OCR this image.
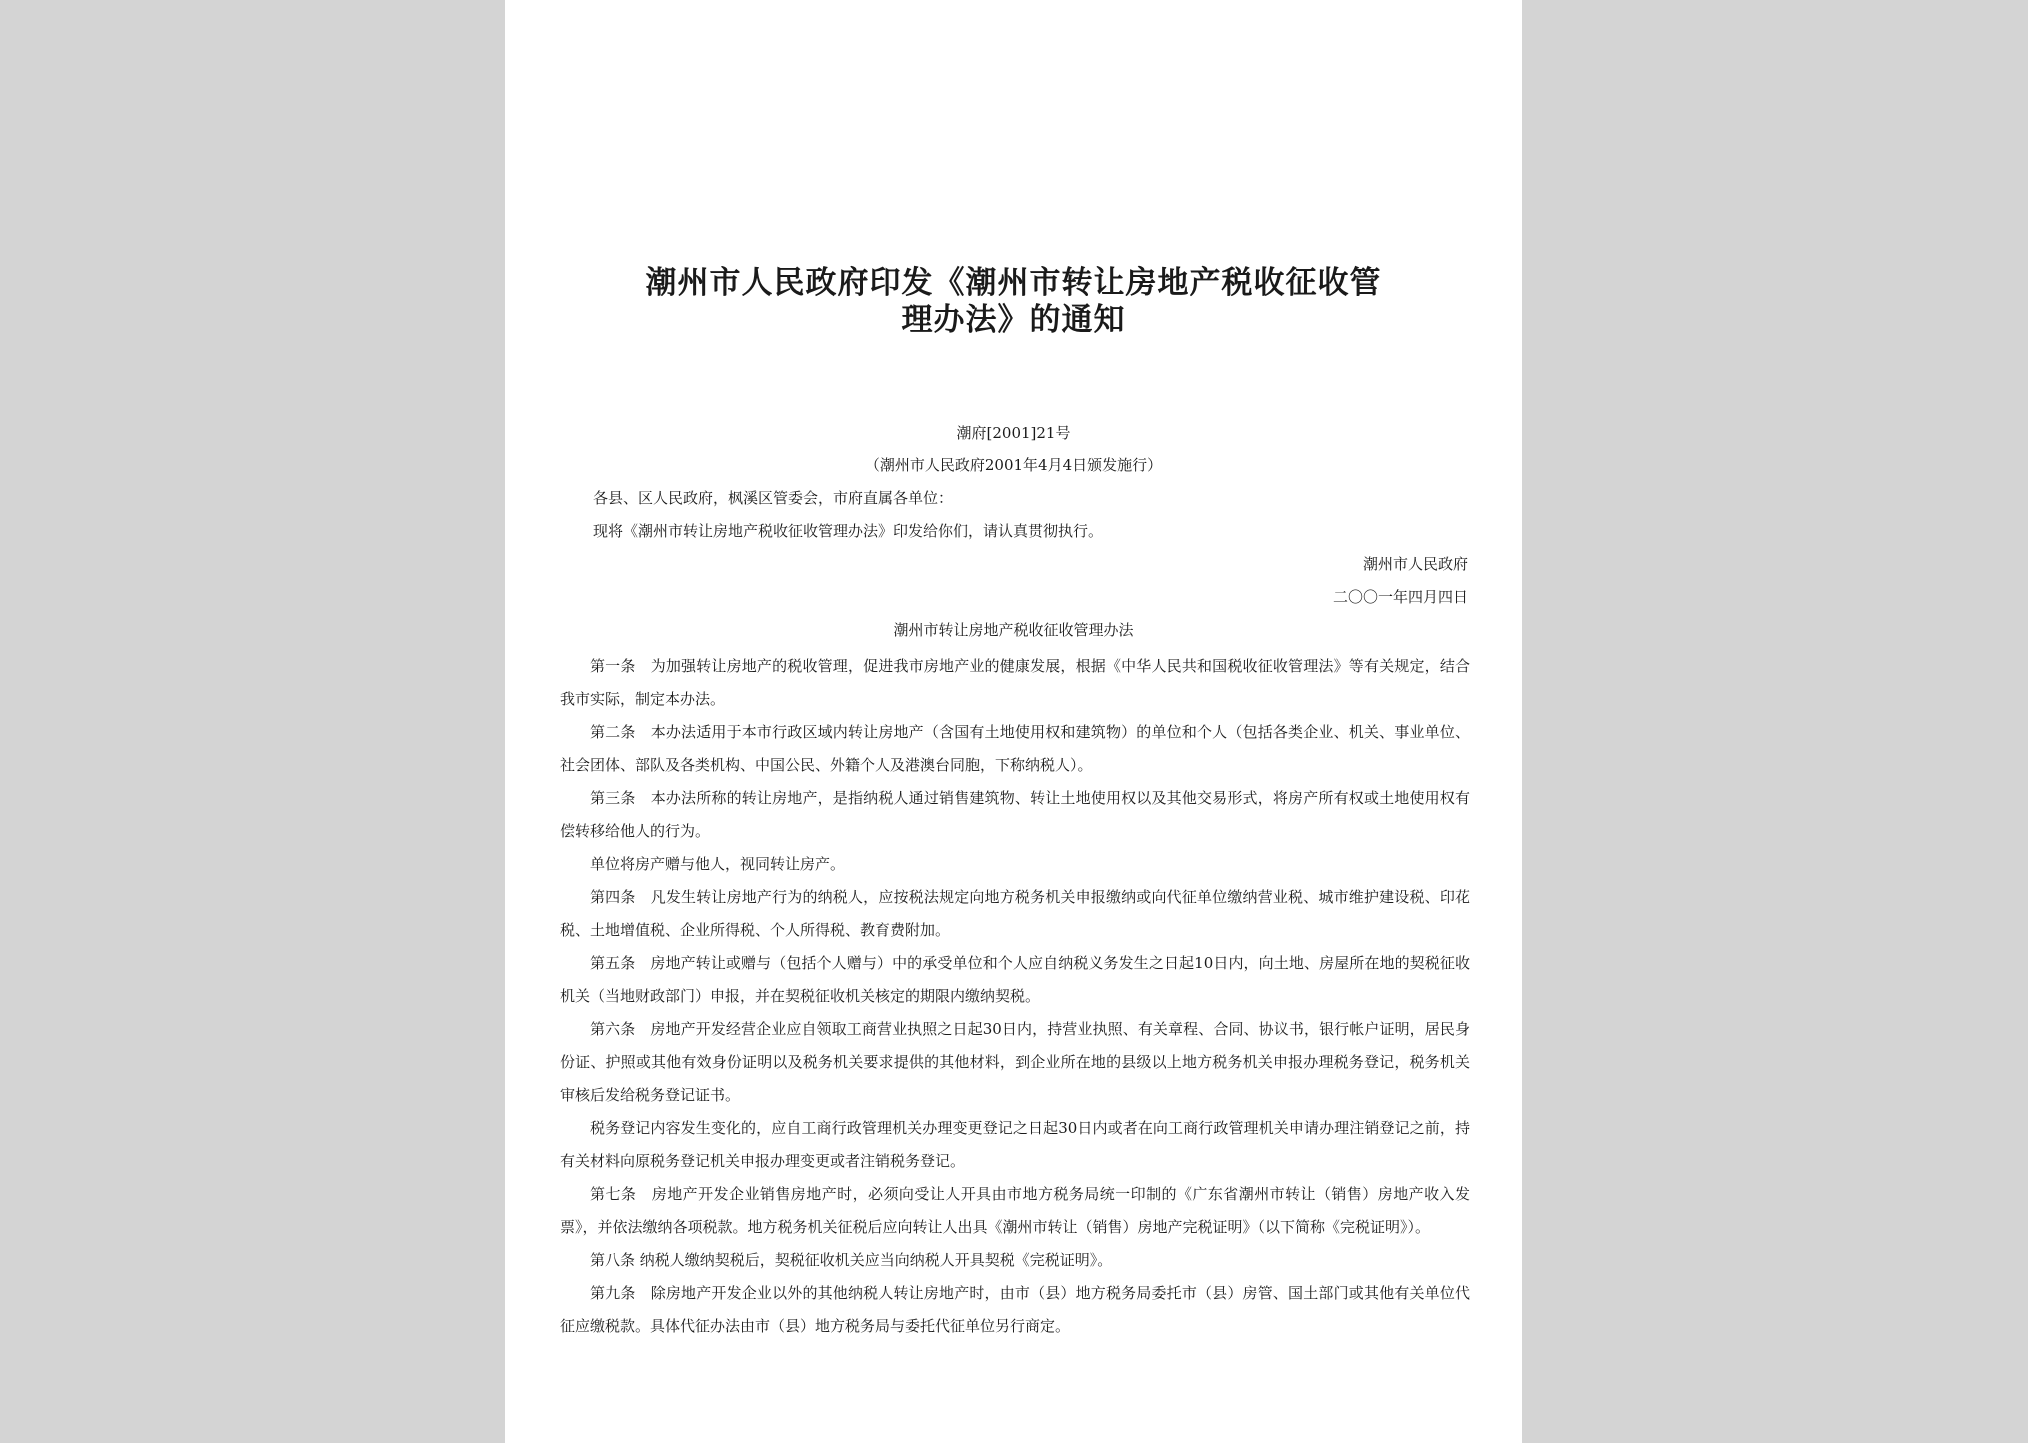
潮州市人民政府印发《潮州市转让房地产税收征收管
理办法》的通知
潮府[2001]21号
（潮州市人民政府2001年4月4日颁发施行）
各县、区人民政府，枫溪区管委会，市府直属各单位：
现将《潮州市转让房地产税收征收管理办法》印发给你们，请认真贯彻执行。
潮州市人民政府
二〇〇一年四月四日
潮州市转让房地产税收征收管理办法

第一条　为加强转让房地产的税收管理，促进我市房地产业的健康发展，根据《中华人民共和国税收征收管理法》等有关规定，结合我市实际，制定本办法。

第二条　本办法适用于本市行政区域内转让房地产（含国有土地使用权和建筑物）的单位和个人（包括各类企业、机关、事业单位、社会团体、部队及各类机构、中国公民、外籍个人及港澳台同胞，下称纳税人）。

第三条　本办法所称的转让房地产，是指纳税人通过销售建筑物、转让土地使用权以及其他交易形式，将房产所有权或土地使用权有偿转移给他人的行为。

单位将房产赠与他人，视同转让房产。

第四条　凡发生转让房地产行为的纳税人，应按税法规定向地方税务机关申报缴纳或向代征单位缴纳营业税、城市维护建设税、印花税、土地增值税、企业所得税、个人所得税、教育费附加。

第五条　房地产转让或赠与（包括个人赠与）中的承受单位和个人应自纳税义务发生之日起10日内，向土地、房屋所在地的契税征收机关（当地财政部门）申报，并在契税征收机关核定的期限内缴纳契税。

第六条　房地产开发经营企业应自领取工商营业执照之日起30日内，持营业执照、有关章程、合同、协议书，银行帐户证明，居民身份证、护照或其他有效身份证明以及税务机关要求提供的其他材料，到企业所在地的县级以上地方税务机关申报办理税务登记，税务机关审核后发给税务登记证书。

税务登记内容发生变化的，应自工商行政管理机关办理变更登记之日起30日内或者在向工商行政管理机关申请办理注销登记之前，持有关材料向原税务登记机关申报办理变更或者注销税务登记。

第七条　房地产开发企业销售房地产时，必须向受让人开具由市地方税务局统一印制的《广东省潮州市转让（销售）房地产收入发票》，并依法缴纳各项税款。地方税务机关征税后应向转让人出具《潮州市转让（销售）房地产完税证明》（以下简称《完税证明》）。

第八条 纳税人缴纳契税后，契税征收机关应当向纳税人开具契税《完税证明》。

第九条　除房地产开发企业以外的其他纳税人转让房地产时，由市（县）地方税务局委托市（县）房管、国土部门或其他有关单位代征应缴税款。具体代征办法由市（县）地方税务局与委托代征单位另行商定。
